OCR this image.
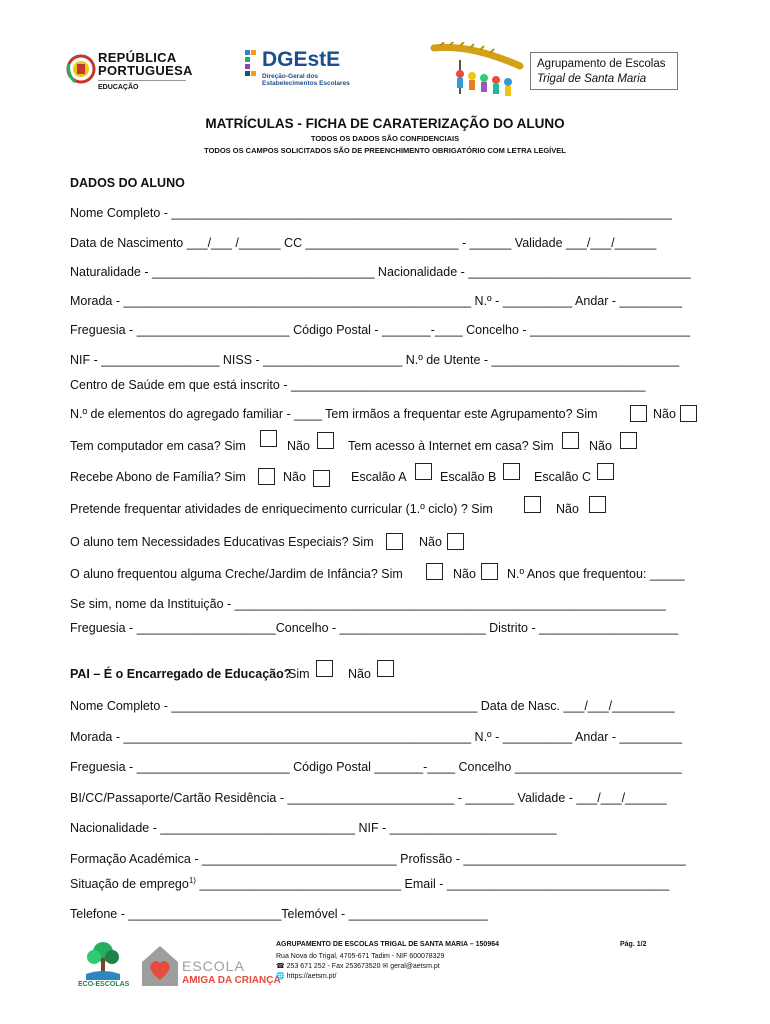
REPÚBLICA
PORTUGUESA
EDUCAÇÃO
DGEstE
Direção-Geral dos
Estabelecimentos Escolares
Agrupamento de Escolas
Trigal de Santa Maria
MATRÍCULAS - FICHA DE CARATERIZAÇÃO DO ALUNO
TODOS OS DADOS SÃO CONFIDENCIAIS
TODOS OS CAMPOS SOLICITADOS SÃO DE PREENCHIMENTO OBRIGATÓRIO COM LETRA LEGÍVEL
DADOS DO ALUNO
Nome Completo - ________________________________________________________________________
Data de Nascimento ___/___ /______ CC ______________________ - ______ Validade ___/___/______
Naturalidade - ________________________________ Nacionalidade - ________________________________
Morada - __________________________________________________ N.º - __________ Andar - _________
Freguesia - ______________________ Código Postal - _______-____ Concelho - _______________________
NIF - _________________ NISS - ____________________ N.º de Utente - ___________________________
Centro de Saúde em que está inscrito - ___________________________________________________
N.º de elementos do agregado familiar - ____ Tem irmãos a frequentar este Agrupamento? Sim	Não
Tem computador em casa? Sim	Não	Tem acesso à Internet em casa? Sim	Não
Recebe Abono de Família? Sim	Não	Escalão A	Escalão B	Escalão C
Pretende frequentar atividades de enriquecimento curricular (1.º ciclo) ? Sim	Não
O aluno tem Necessidades Educativas Especiais? Sim	Não
O aluno frequentou alguma Creche/Jardim de Infância? Sim	Não N.º Anos que frequentou: _____
Se sim, nome da Instituição - ______________________________________________________________
Freguesia - ____________________Concelho - _____________________ Distrito - ____________________
PAI – É o Encarregado de Educação?
Sim	Não
Nome Completo - ____________________________________________ Data de Nasc. ___/___/_________
Morada - __________________________________________________ N.º - __________ Andar - _________
Freguesia - ______________________ Código Postal _______-____ Concelho ________________________
BI/CC/Passaporte/Cartão Residência - ________________________ - _______ Validade - ___/___/______
Nacionalidade - ____________________________ NIF - ________________________
Formação Académica - ____________________________ Profissão - ________________________________
Situação de emprego$^{1)}$ _____________________________ Email - ________________________________
Telefone - ______________________Telemóvel - ____________________
ECO-ESCOLAS
ESCOLA
AMIGA DA CRIANÇA
AGRUPAMENTO DE ESCOLAS TRIGAL DE SANTA MARIA – 150964	Pág. 1/2
Rua Nova do Trigal, 4705-671 Tadim - NIF 600078329
☎ 253 671 252 - Fax 253673520 ✉ geral@aetsm.pt
🌐 https://aetsm.pt/
